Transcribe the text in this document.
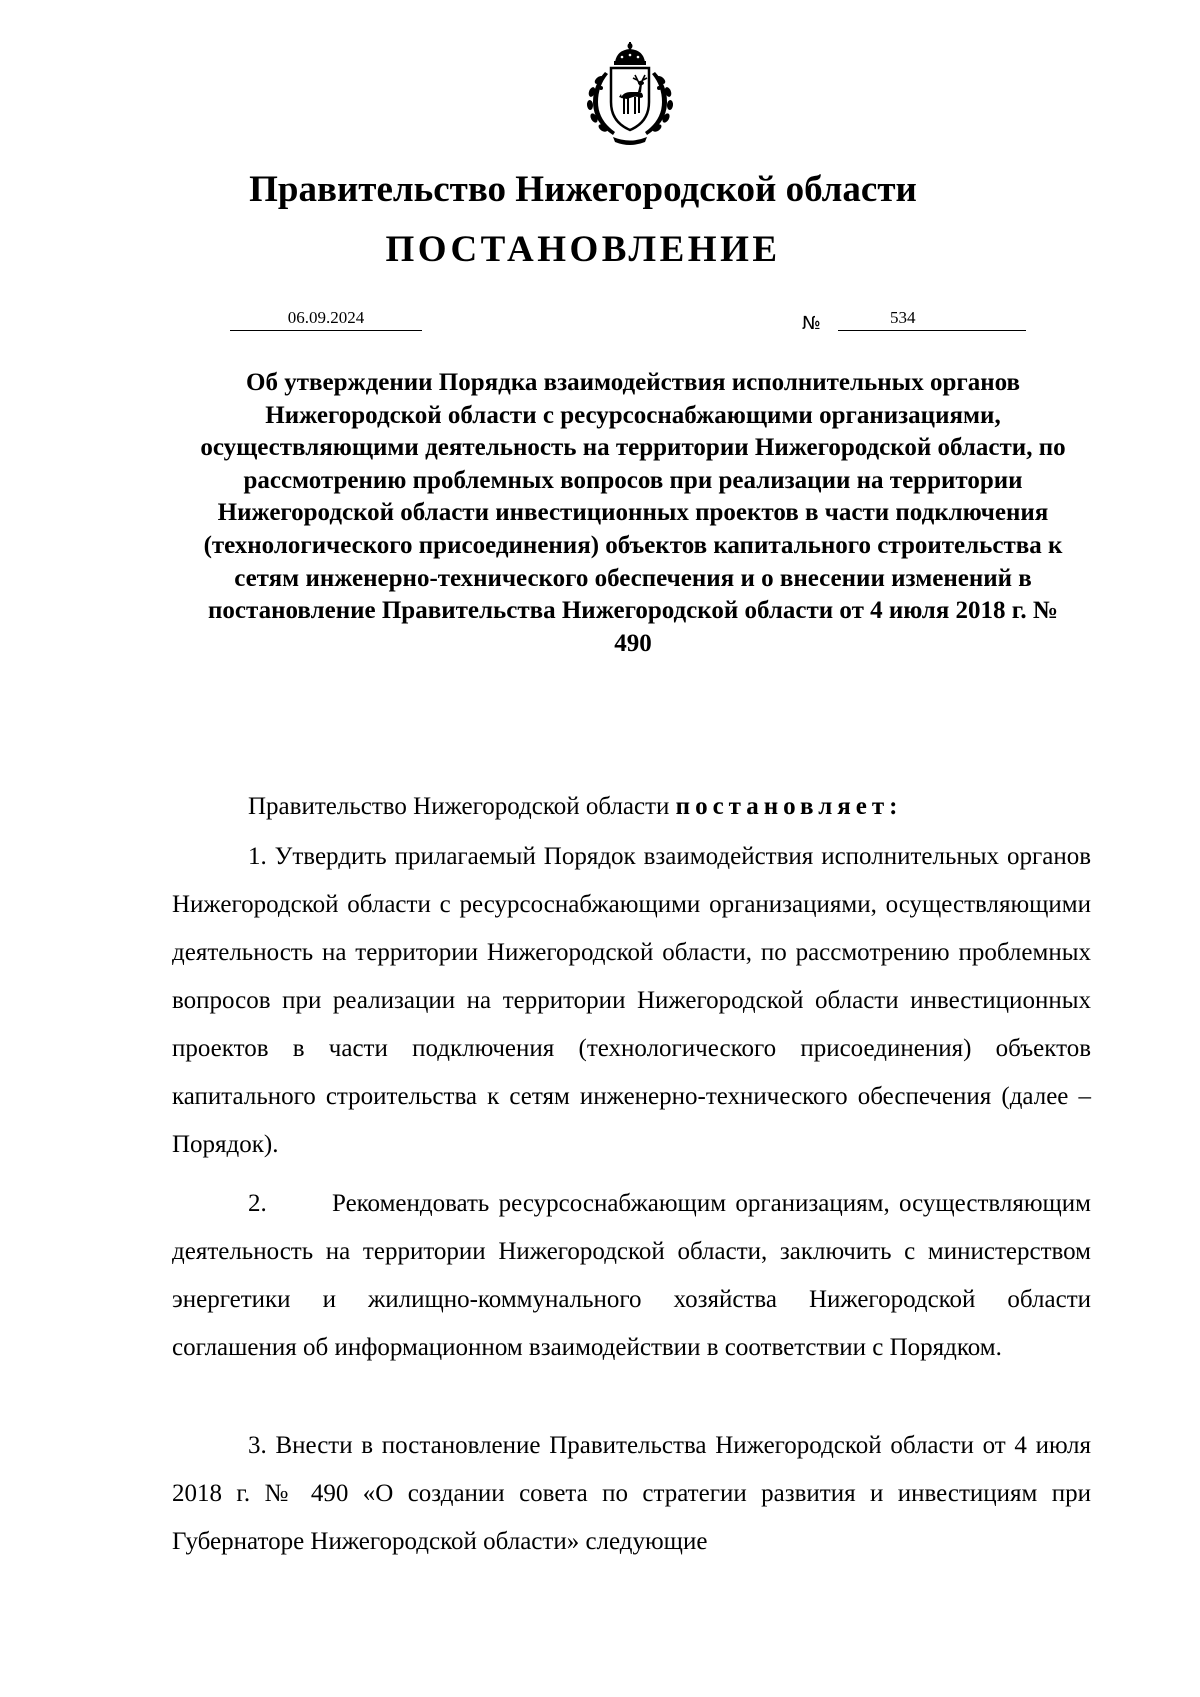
Правительство Нижегородской области
ПОСТАНОВЛЕНИЕ
06.09.2024	№	534

Об утверждении Порядка взаимодействия исполнительных органов Нижегородской области с ресурсоснабжающими организациями, осуществляющими деятельность на территории Нижегородской области, по рассмотрению проблемных вопросов при реализации на территории Нижегородской области инвестиционных проектов в части подключения (технологического присоединения) объектов капитального строительства к сетям инженерно-технического обеспечения и о внесении изменений в постановление Правительства Нижегородской области от 4 июля 2018 г. № 490

Правительство Нижегородской области постановляет:

1. Утвердить прилагаемый Порядок взаимодействия исполнительных органов Нижегородской области с ресурсоснабжающими организациями, осуществляющими деятельность на территории Нижегородской области, по рассмотрению проблемных вопросов при реализации на территории Нижегородской области инвестиционных проектов в части подключения (технологического присоединения) объектов капитального строительства к сетям инженерно-технического обеспечения (далее – Порядок).

2.	Рекомендовать ресурсоснабжающим организациям, осуществляющим деятельность на территории Нижегородской области, заключить с министерством энергетики и жилищно-коммунального хозяйства Нижегородской области соглашения об информационном взаимодействии в соответствии с Порядком.

3. Внести в постановление Правительства Нижегородской области от 4 июля 2018 г. № 490 «О создании совета по стратегии развития и инвестициям при Губернаторе Нижегородской области» следующие
